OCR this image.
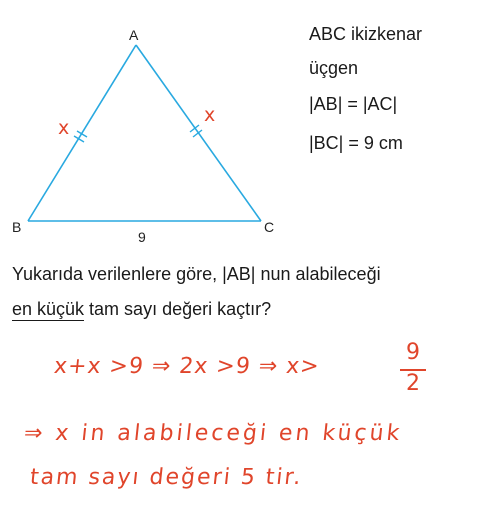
x
x
A
B	C
9
ABC ikizkenar
üçgen
|AB| = |AC|
|BC| = 9 cm
Yukarıda verilenlere göre, |AB| nun alabileceği
en küçük tam sayı değeri kaçtır?
x+x >9 ⇒ 2x >9 ⇒ x>
9
2
⇒ x in alabileceği en küçük
tam sayı değeri 5 tir.
